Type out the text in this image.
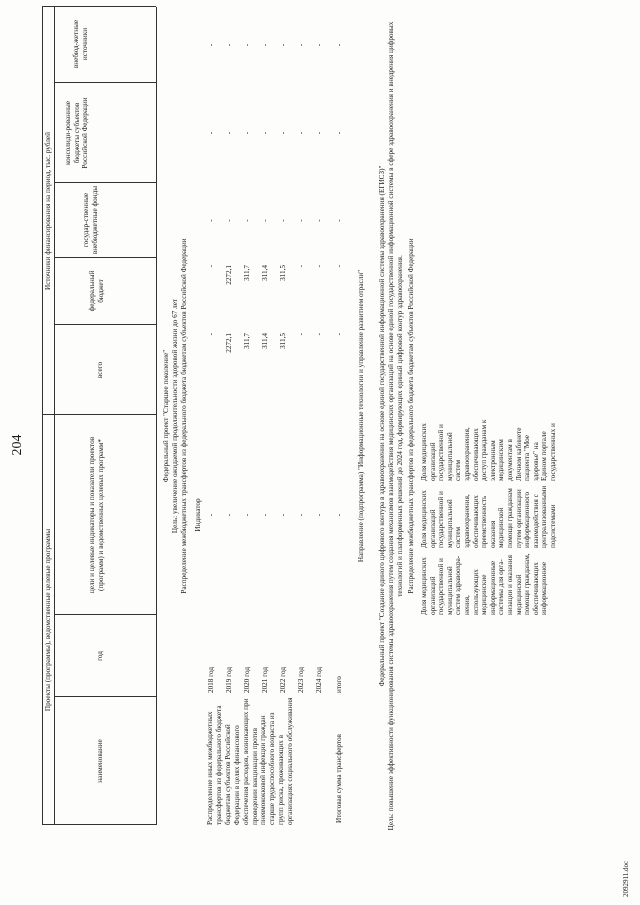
204
2092911.doc
Проекты (программы), ведомственные целевые программы
Источники финансирования на период, тыс. рублей
наименование
год
цели и целевые индикаторы и показатели проектов (программ) и ведомственных целевых программ*
всего
федеральный бюджет
государ-ственные внебюджетные фонды
консолиди-рованные бюджеты субъектов Российской Федерации
внебюд-жетные источники
Федеральный проект "Старшее поколение" Цель: увеличение ожидаемой продолжительности здоровой жизни до 67 лет Распределение межбюджетных трансфертов из федерального бюджета бюджетам субъектов Российской Федерации Индикатор
Распределение иных межбюджетных трансфертов из федерального бюджета бюджетам субъектов Российской Федерации в целях финансового обеспечения расходов, возникающих при проведении вакцинации против пневмококковой инфекции граждан старше трудоспособного возраста из групп риска, проживающих в организациях социального обслуживания
2018 год
-
-
-
-
-
-
2019 год
-
2272,1
2272,1
-
-
-
2020 год
-
311,7
311,7
-
-
-
2021 год
-
311,4
311,4
-
-
-
2022 год
-
311,5
311,5
-
-
-
2023 год
-
-
-
-
-
-
2024 год
-
-
-
-
-
-
Итоговая сумма трансфертов
итого
-
-
-
-
-
-
Направление (подпрограмма) "Информационные технологии и управление развитием отрасли" Федеральный проект "Создание единого цифрового контура в здравоохранении на основе единой государственной информационной системы здравоохранения (ЕГИСЗ)" Цель: повышение эффективности функционирования системы здравоохранения путем создания механизмов взаимодействия медицинских организаций на основе единой государственной информационной системы в сфере здравоохранения и внедрения цифровых технологий и платформенных решений до 2024 год, формирующих единый цифровой контур здравоохранения. Распределение межбюджетных трансфертов из федерального бюджета бюджетам субъектов Российской Федерации Доля медицинских организаций государственной и муниципальной систем здравоохра-нения, использующих медицинские информационные системы для орга-низации и оказания медицинской помощи гражданам, обеспечивающих информационное
Доля медицинских организаций государственной и муниципальной систем здравоохранения, обеспечивающих преемственность оказания медицинской помощи гражданам путем организации информационного взаимодействия с централизованными подсистемами
Доля медицинских организаций государственной и муниципальной систем здравоохранения, обеспечивающих доступ гражданам к электронным медицинским документам в Личном кабинете пациента "Мое здоровье" на Едином портале государственных и
